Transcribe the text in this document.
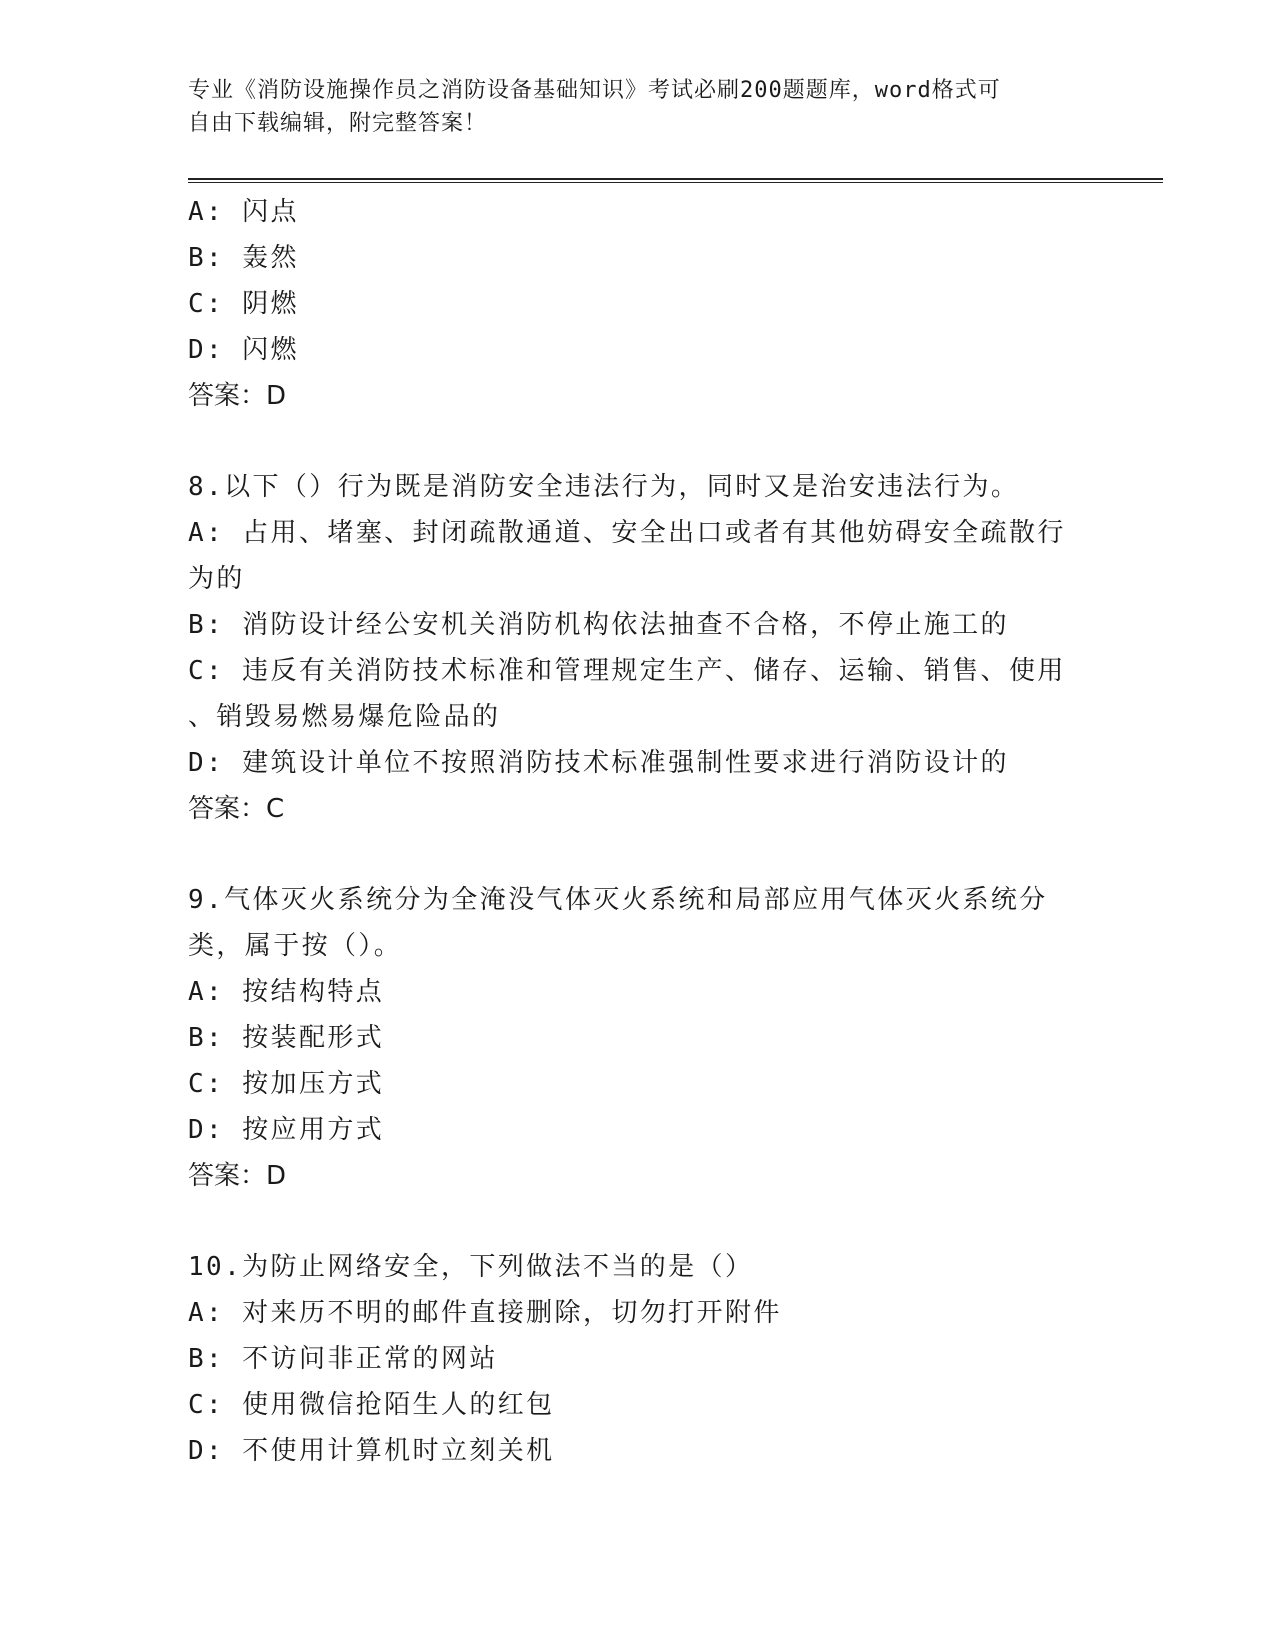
专业《消防设施操作员之消防设备基础知识》考试必刷200题题库，word格式可
自由下载编辑，附完整答案！

A: 闪点

B: 轰然

C: 阴燃

D: 闪燃

答案：D

8.以下（）行为既是消防安全违法行为，同时又是治安违法行为。

A: 占用、堵塞、封闭疏散通道、安全出口或者有其他妨碍安全疏散行

为的

B: 消防设计经公安机关消防机构依法抽查不合格，不停止施工的

C: 违反有关消防技术标准和管理规定生产、储存、运输、销售、使用

、销毁易燃易爆危险品的

D: 建筑设计单位不按照消防技术标准强制性要求进行消防设计的

答案：C

9.气体灭火系统分为全淹没气体灭火系统和局部应用气体灭火系统分

类，属于按（）。

A: 按结构特点

B: 按装配形式

C: 按加压方式

D: 按应用方式

答案：D

10.为防止网络安全，下列做法不当的是（）

A: 对来历不明的邮件直接删除，切勿打开附件

B: 不访问非正常的网站

C: 使用微信抢陌生人的红包

D: 不使用计算机时立刻关机
